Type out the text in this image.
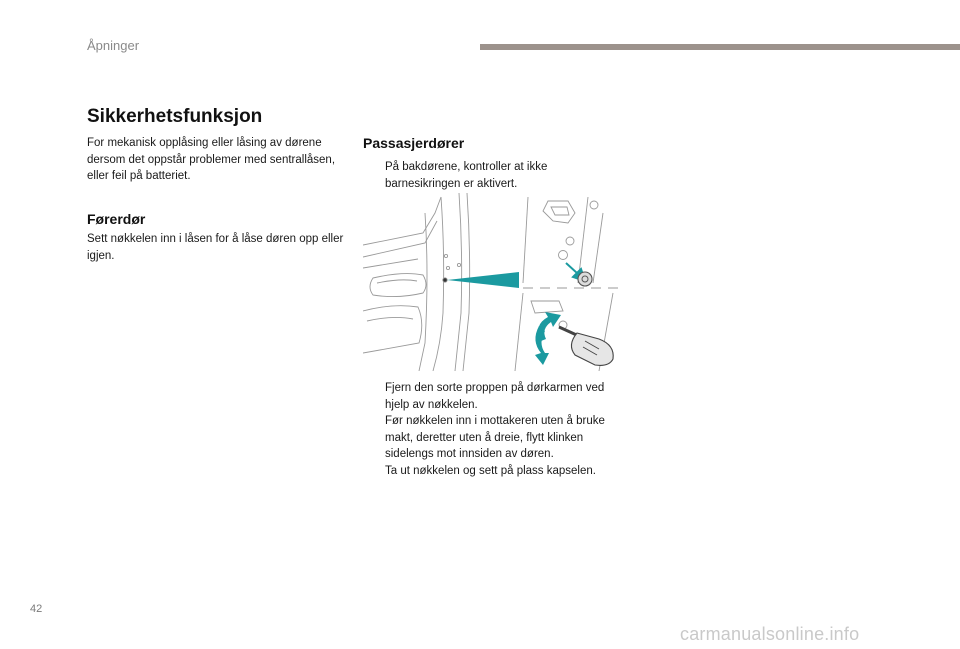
Åpninger
Sikkerhetsfunksjon

For mekanisk opplåsing eller låsing av dørene dersom det oppstår problemer med sentrallåsen, eller feil på batteriet.

Førerdør

Sett nøkkelen inn i låsen for å låse døren opp eller igjen.

Passasjerdører
På bakdørene, kontroller at ikke barnesikringen er aktivert.
Fjern den sorte proppen på dørkarmen ved hjelp av nøkkelen.
Før nøkkelen inn i mottakeren uten å bruke makt, deretter uten å dreie, flytt klinken sidelengs mot innsiden av døren.
Ta ut nøkkelen og sett på plass kapselen.
42
carmanualsonline.info
